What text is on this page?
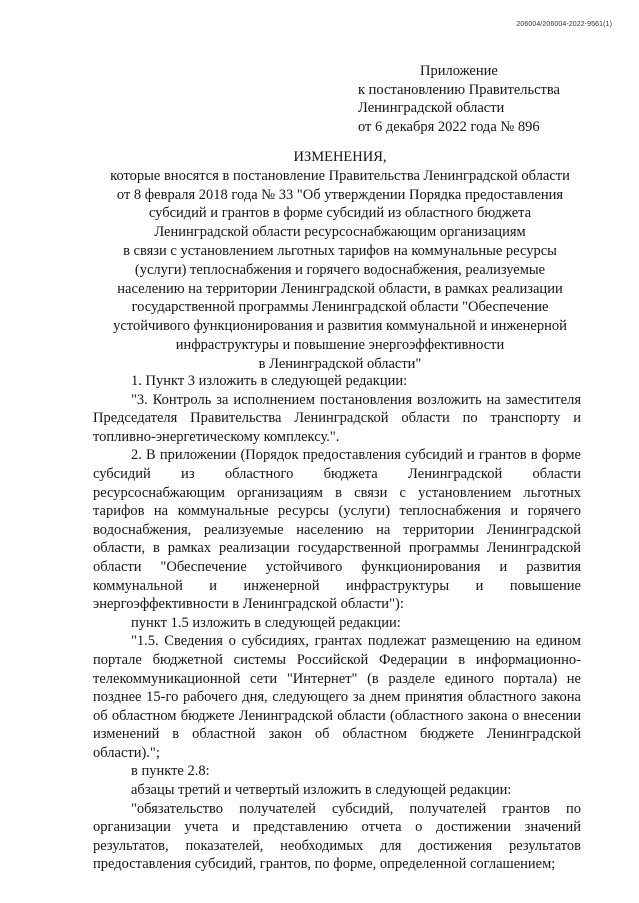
206004/206004-2022-9561(1)
Приложение
к постановлению Правительства
Ленинградской области
от 6 декабря 2022 года № 896
ИЗМЕНЕНИЯ,
которые вносятся в постановление Правительства Ленинградской области
от 8 февраля 2018 года № 33 "Об утверждении Порядка предоставления
субсидий и грантов в форме субсидий из областного бюджета
Ленинградской области ресурсоснабжающим организациям
в связи с установлением льготных тарифов на коммунальные ресурсы
(услуги) теплоснабжения и горячего водоснабжения, реализуемые
населению на территории Ленинградской области, в рамках реализации
государственной программы Ленинградской области "Обеспечение
устойчивого функционирования и развития коммунальной и инженерной
инфраструктуры и повышение энергоэффективности
в Ленинградской области"

1. Пункт 3 изложить в следующей редакции:

"3. Контроль за исполнением постановления возложить на заместителя Председателя Правительства Ленинградской области по транспорту и топливно-энергетическому комплексу.".

2. В приложении (Порядок предоставления субсидий и грантов в форме субсидий из областного бюджета Ленинградской области ресурсоснабжающим организациям в связи с установлением льготных тарифов на коммунальные ресурсы (услуги) теплоснабжения и горячего водоснабжения, реализуемые населению на территории Ленинградской области, в рамках реализации государственной программы Ленинградской области "Обеспечение устойчивого функционирования и развития коммунальной и инженерной инфраструктуры и повышение энергоэффективности в Ленинградской области"):

пункт 1.5 изложить в следующей редакции:

"1.5. Сведения о субсидиях, грантах подлежат размещению на едином портале бюджетной системы Российской Федерации в информационно-телекоммуникационной сети "Интернет" (в разделе единого портала) не позднее 15-го рабочего дня, следующего за днем принятия областного закона об областном бюджете Ленинградской области (областного закона о внесении изменений в областной закон об областном бюджете Ленинградской области).";

в пункте 2.8:

абзацы третий и четвертый изложить в следующей редакции:

"обязательство получателей субсидий, получателей грантов по организации учета и представлению отчета о достижении значений результатов, показателей, необходимых для достижения результатов предоставления субсидий, грантов, по форме, определенной соглашением;
